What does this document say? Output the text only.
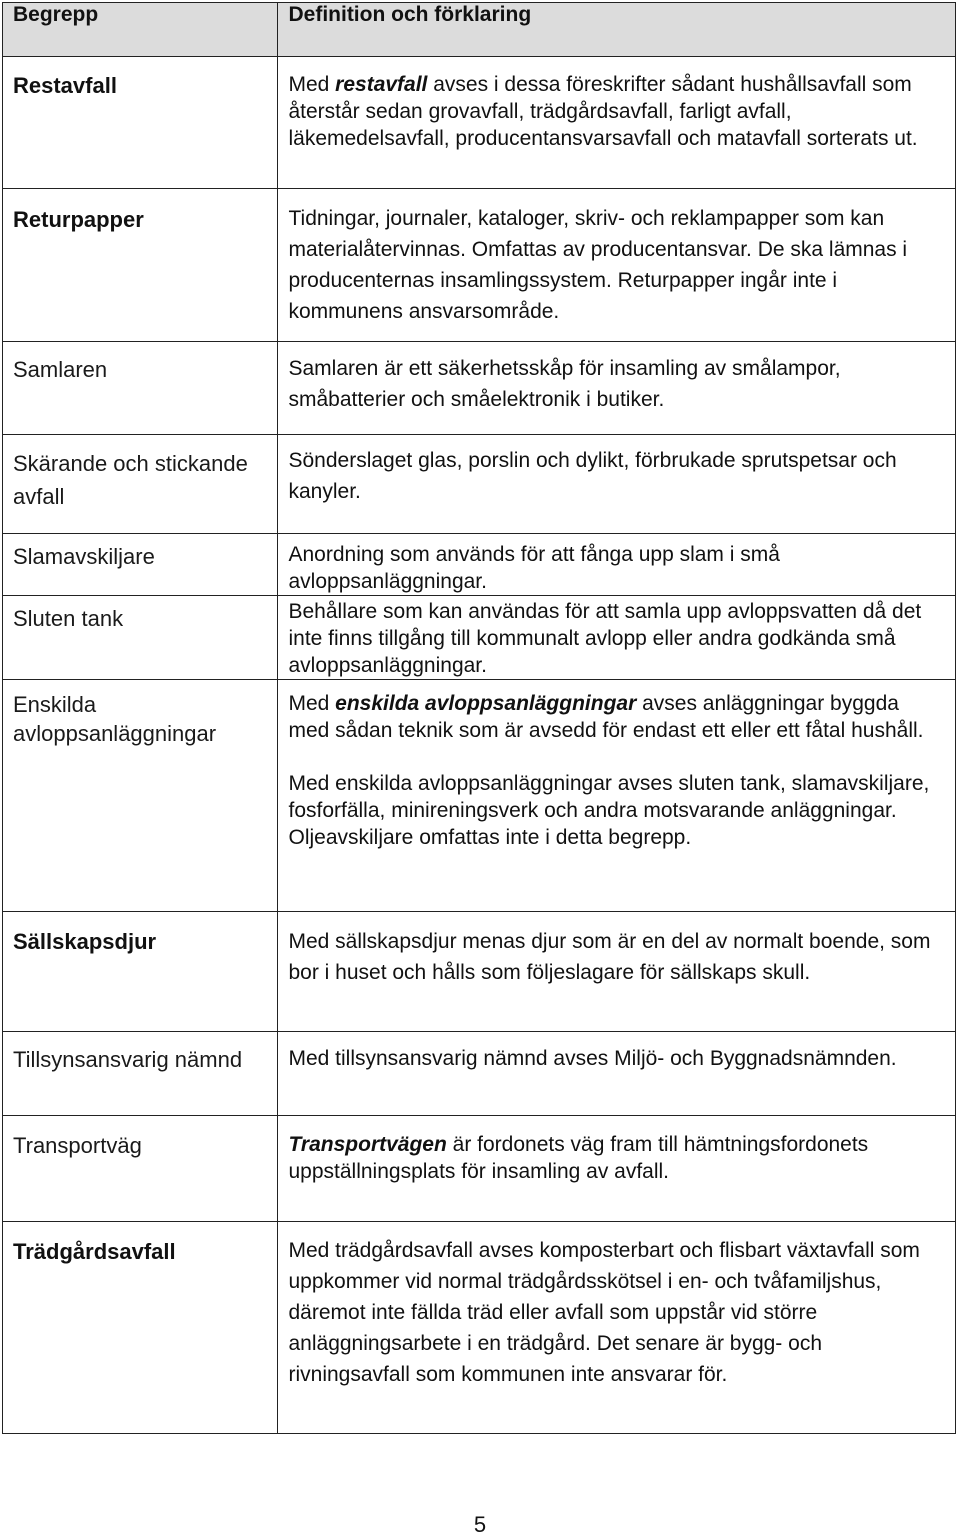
Begrepp	Definition och förklaring
Restavfall	Med restavfall avses i dessa föreskrifter sådant hushållsavfall som återstår sedan grovavfall, trädgårdsavfall, farligt avfall, läkemedelsavfall, producentansvarsavfall och matavfall sorterats ut.
Returpapper	Tidningar, journaler, kataloger, skriv- och reklampapper som kan materialåtervinnas. Omfattas av producentansvar. De ska lämnas i producenternas insamlingssystem. Returpapper ingår inte i kommunens ansvarsområde.
Samlaren	Samlaren är ett säkerhetsskåp för insamling av smålampor, småbatterier och småelektronik i butiker.
Skärande och stickande avfall	Sönderslaget glas, porslin och dylikt, förbrukade sprutspetsar och kanyler.
Slamavskiljare	Anordning som används för att fånga upp slam i små avloppsanläggningar.
Sluten tank	Behållare som kan användas för att samla upp avloppsvatten då det inte finns tillgång till kommunalt avlopp eller andra godkända små avloppsanläggningar.
Enskilda avloppsanläggningar	Med enskilda avloppsanläggningar avses anläggningar byggda med sådan teknik som är avsedd för endast ett eller ett fåtal hushåll.

Med enskilda avloppsanläggningar avses sluten tank, slamavskiljare, fosforfälla, minireningsverk och andra motsvarande anläggningar. Oljeavskiljare omfattas inte i detta begrepp.

Sällskapsdjur	Med sällskapsdjur menas djur som är en del av normalt boende, som bor i huset och hålls som följeslagare för sällskaps skull.
Tillsynsansvarig nämnd	Med tillsynsansvarig nämnd avses Miljö- och Byggnadsnämnden.
Transportväg	Transportvägen är fordonets väg fram till hämtningsfordonets uppställningsplats för insamling av avfall.
Trädgårdsavfall	Med trädgårdsavfall avses komposterbart och flisbart växtavfall som uppkommer vid normal trädgårdsskötsel i en- och tvåfamiljshus, däremot inte fällda träd eller avfall som uppstår vid större anläggningsarbete i en trädgård. Det senare är bygg- och rivningsavfall som kommunen inte ansvarar för.
5
